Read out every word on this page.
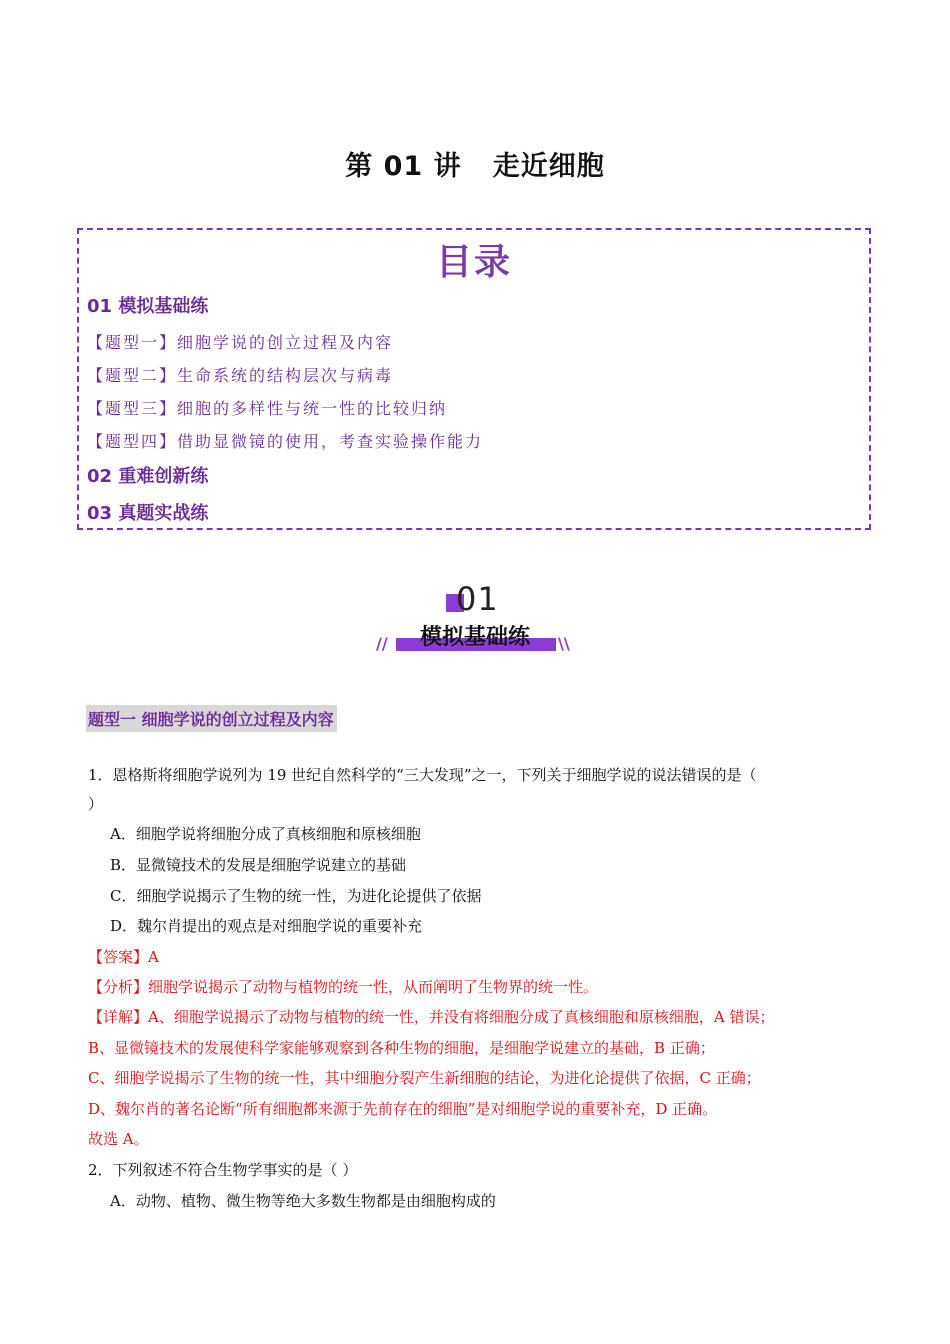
第 01 讲   走近细胞
目录
01 模拟基础练
【题型一】细胞学说的创立过程及内容
【题型二】生命系统的结构层次与病毒
【题型三】细胞的多样性与统一性的比较归纳
【题型四】借助显微镜的使用，考查实验操作能力
02 重难创新练
03 真题实战练
01
模拟基础练
//	\\
题型一 细胞学说的创立过程及内容
1．恩格斯将细胞学说列为 19 世纪自然科学的“三大发现”之一，下列关于细胞学说的说法错误的是（
）
A．细胞学说将细胞分成了真核细胞和原核细胞
B．显微镜技术的发展是细胞学说建立的基础
C．细胞学说揭示了生物的统一性，为进化论提供了依据
D．魏尔肖提出的观点是对细胞学说的重要补充
【答案】A
【分析】细胞学说揭示了动物与植物的统一性，从而阐明了生物界的统一性。
【详解】A、细胞学说揭示了动物与植物的统一性，并没有将细胞分成了真核细胞和原核细胞，A 错误；
B、显微镜技术的发展使科学家能够观察到各种生物的细胞，是细胞学说建立的基础，B 正确；
C、细胞学说揭示了生物的统一性，其中细胞分裂产生新细胞的结论，为进化论提供了依据，C 正确；
D、魏尔肖的著名论断“所有细胞都来源于先前存在的细胞”是对细胞学说的重要补充，D 正确。
故选 A。
2．下列叙述不符合生物学事实的是（ ）
A．动物、植物、微生物等绝大多数生物都是由细胞构成的
